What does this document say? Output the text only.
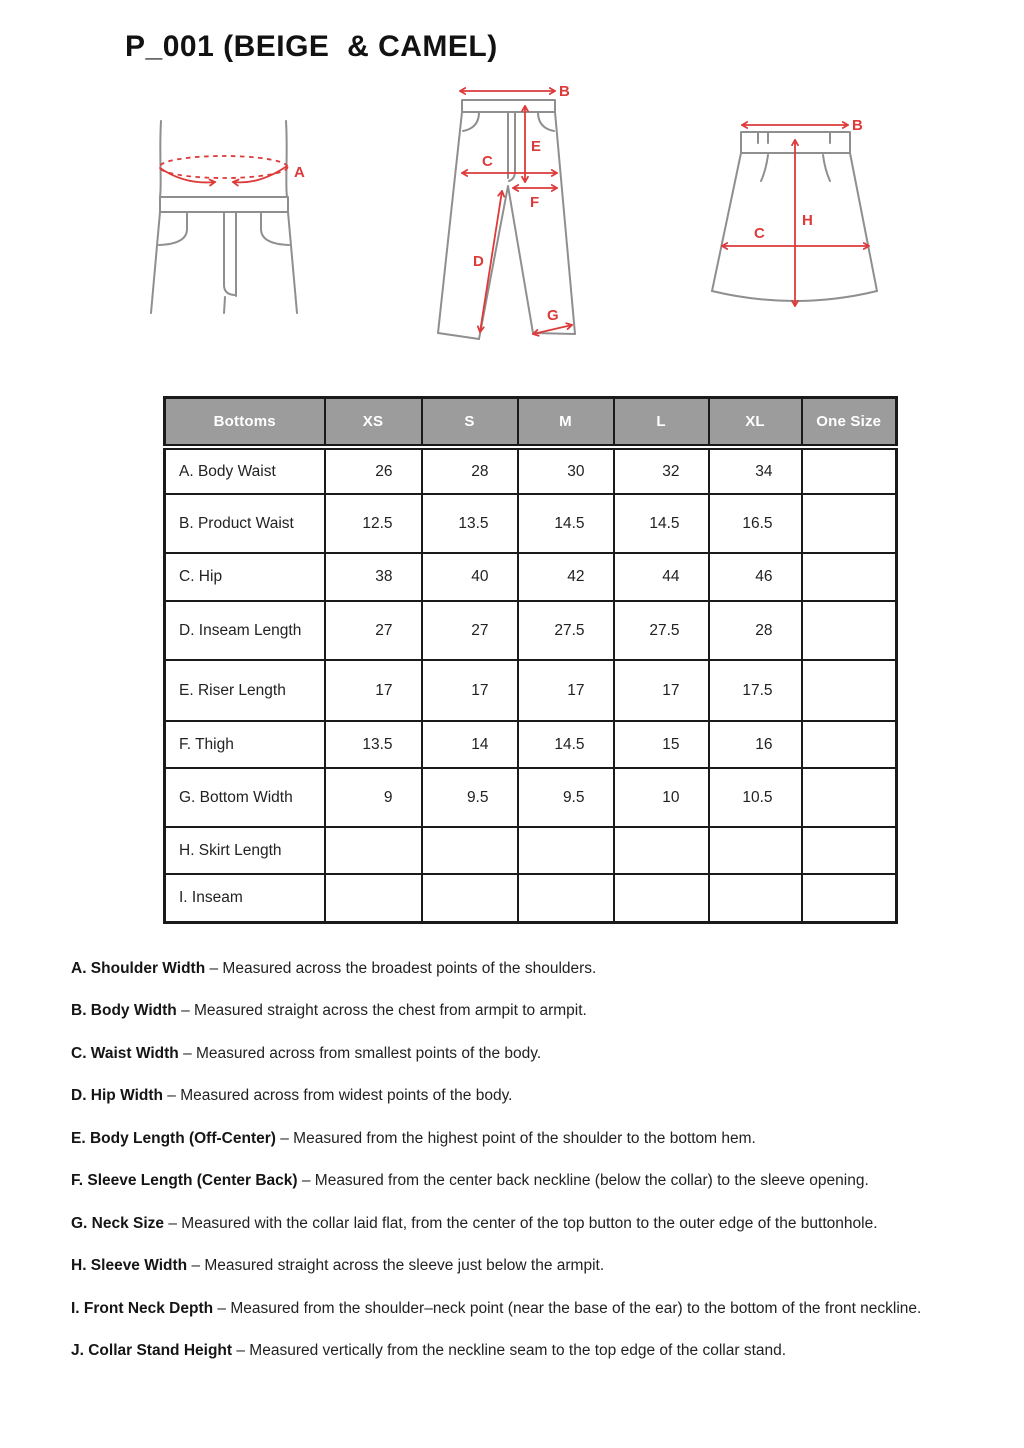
P_001 (BEIGE  & CAMEL)
A
B
E
C
F
D
G
B
H
C
Bottoms	XS	S	M	L	XL	One Size
A. Body Waist	26	28	30	32	34	
B. Product Waist	12.5	13.5	14.5	14.5	16.5	
C. Hip	38	40	42	44	46	
D. Inseam Length	27	27	27.5	27.5	28	
E. Riser Length	17	17	17	17	17.5	
F. Thigh	13.5	14	14.5	15	16	
G. Bottom Width	9	9.5	9.5	10	10.5	
H. Skirt Length						
I. Inseam						

A. Shoulder Width – Measured across the broadest points of the shoulders.

B. Body Width – Measured straight across the chest from armpit to armpit.

C. Waist Width – Measured across from smallest points of the body.

D. Hip Width – Measured across from widest points of the body.

E. Body Length (Off-Center) – Measured from the highest point of the shoulder to the bottom hem.

F. Sleeve Length (Center Back) – Measured from the center back neckline (below the collar) to the sleeve opening.

G. Neck Size – Measured with the collar laid flat, from the center of the top button to the outer edge of the buttonhole.

H. Sleeve Width – Measured straight across the sleeve just below the armpit.

I. Front Neck Depth – Measured from the shoulder–neck point (near the base of the ear) to the bottom of the front neckline.

J. Collar Stand Height – Measured vertically from the neckline seam to the top edge of the collar stand.
